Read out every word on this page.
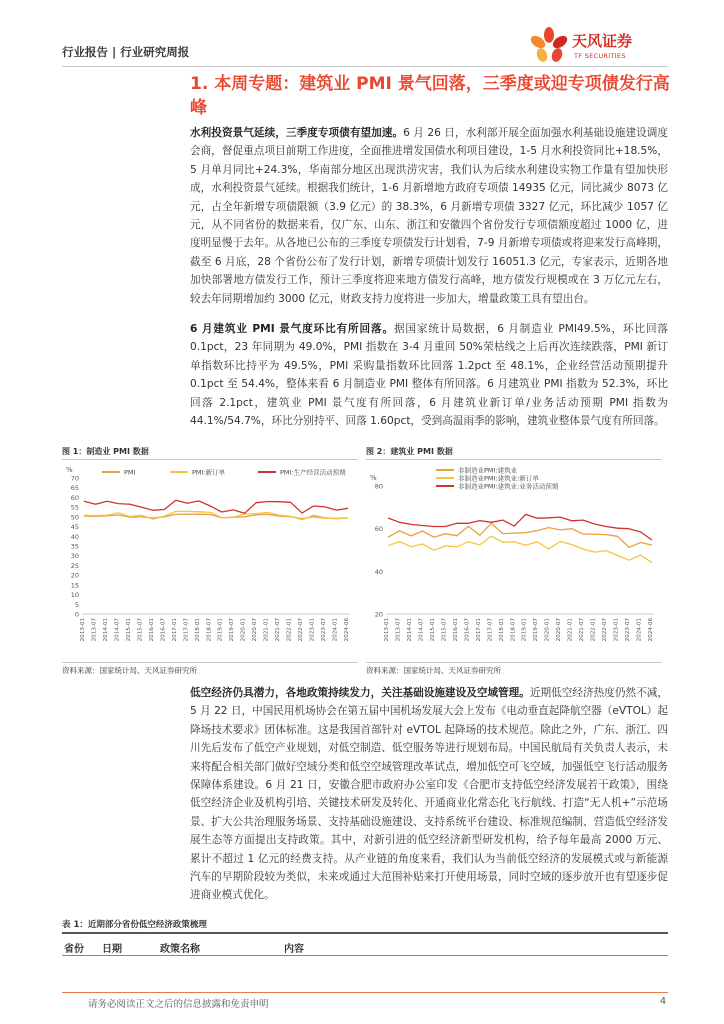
行业报告 | 行业研究周报
天风证券
TF SECURITIES
1. 本周专题：建筑业 PMI 景气回落，三季度或迎专项债发行高峰
水利投资景气延续，三季度专项债有望加速。6 月 26 日，水利部开展全面加强水利基础设施建设调度会商，督促重点项目前期工作进度，全面推进增发国债水利项目建设，1-5 月水利投资同比+18.5%，5 月单月同比+24.3%，华南部分地区出现洪涝灾害，我们认为后续水利建设实物工作量有望加快形成，水利投资景气延续。根据我们统计，1-6 月新增地方政府专项债 14935 亿元，同比减少 8073 亿元，占全年新增专项债限额（3.9 亿元）的 38.3%，6 月新增专项债 3327 亿元，环比减少 1057 亿元，从不同省份的数据来看，仅广东、山东、浙江和安徽四个省份发行专项债额度超过 1000 亿，进度明显慢于去年。从各地已公布的三季度专项债发行计划看，7-9 月新增专项债或将迎来发行高峰期，截至 6 月底，28 个省份公布了发行计划，新增专项债计划发行 16051.3 亿元，专家表示，近期各地加快部署地方债发行工作，预计三季度将迎来地方债发行高峰，地方债发行规模或在 3 万亿元左右，较去年同期增加约 3000 亿元，财政支持力度将进一步加大，增量政策工具有望出台。
6 月建筑业 PMI 景气度环比有所回落。据国家统计局数据，6 月制造业 PMI49.5%，环比回落 0.1pct，23 年同期为 49.0%，PMI 指数在 3-4 月重回 50%荣枯线之上后再次连续跌落，PMI 新订单指数环比持平为 49.5%，PMI 采购量指数环比回落 1.2pct 至 48.1%，企业经营活动预期提升 0.1pct 至 54.4%，整体来看 6 月制造业 PMI 整体有所回落。6 月建筑业 PMI 指数为 52.3%，环比回落 2.1pct，建筑业 PMI 景气度有所回落，6 月建筑业新订单/业务活动预期 PMI 指数为 44.1%/54.7%，环比分别持平、回落 1.60pct，受到高温雨季的影响，建筑业整体景气度有所回落。
图 1：制造业 PMI 数据
%	PMI	PMI:新订单	PMI:生产经营活动预期
0
5
10
15
20
25
30
35
40
45
50
55
60
65
70
2013-01 2013-07 2014-01 2014-07 2015-01 2015-07 2016-01 2016-07 2017-01 2017-07 2018-01 2018-07 2019-01 2019-07 2020-01 2020-07 2021-01 2021-07 2022-01 2022-07 2023-01 2023-07 2024-01 2024-06
资料来源：国家统计局、天风证券研究所
图 2：建筑业 PMI 数据
%
非制造业PMI:建筑业
非制造业PMI:建筑业:新订单
非制造业PMI:建筑业:业务活动预期
20
40
60
80
2013-01 2013-07 2014-01 2014-07 2015-01 2015-07 2016-01 2016-07 2017-01 2017-07 2018-01 2018-07 2019-01 2019-07 2020-01 2020-07 2021-01 2021-07 2022-01 2022-07 2023-01 2023-07 2024-01 2024-06
资料来源：国家统计局、天风证券研究所
低空经济仍具潜力，各地政策持续发力，关注基础设施建设及空域管理。近期低空经济热度仍然不减，5 月 22 日，中国民用机场协会在第五届中国机场发展大会上发布《电动垂直起降航空器（eVTOL）起降场技术要求》团体标准。这是我国首部针对 eVTOL 起降场的技术规范。除此之外，广东、浙江、四川先后发布了低空产业规划，对低空制造、低空服务等进行规划布局。中国民航局有关负责人表示，未来将配合相关部门做好空域分类和低空空域管理改革试点，增加低空可飞空域，加强低空飞行活动服务保障体系建设。6 月 21 日，安徽合肥市政府办公室印发《合肥市支持低空经济发展若干政策》，围绕低空经济企业及机构引培、关键技术研发及转化、开通商业化常态化飞行航线、打造“无人机+”示范场景、扩大公共治理服务场景、支持基础设施建设、支持系统平台建设、标准规范编制、营造低空经济发展生态等方面提出支持政策。其中，对新引进的低空经济新型研发机构，给予每年最高 2000 万元、累计不超过 1 亿元的经费支持。从产业链的角度来看，我们认为当前低空经济的发展模式或与新能源汽车的早期阶段较为类似，未来或通过大范围补贴来打开使用场景，同时空域的逐步放开也有望逐步促进商业模式优化。
表 1：近期部分省份低空经济政策梳理
省份 日期	政策名称	内容
请务必阅读正文之后的信息披露和免责申明	4
